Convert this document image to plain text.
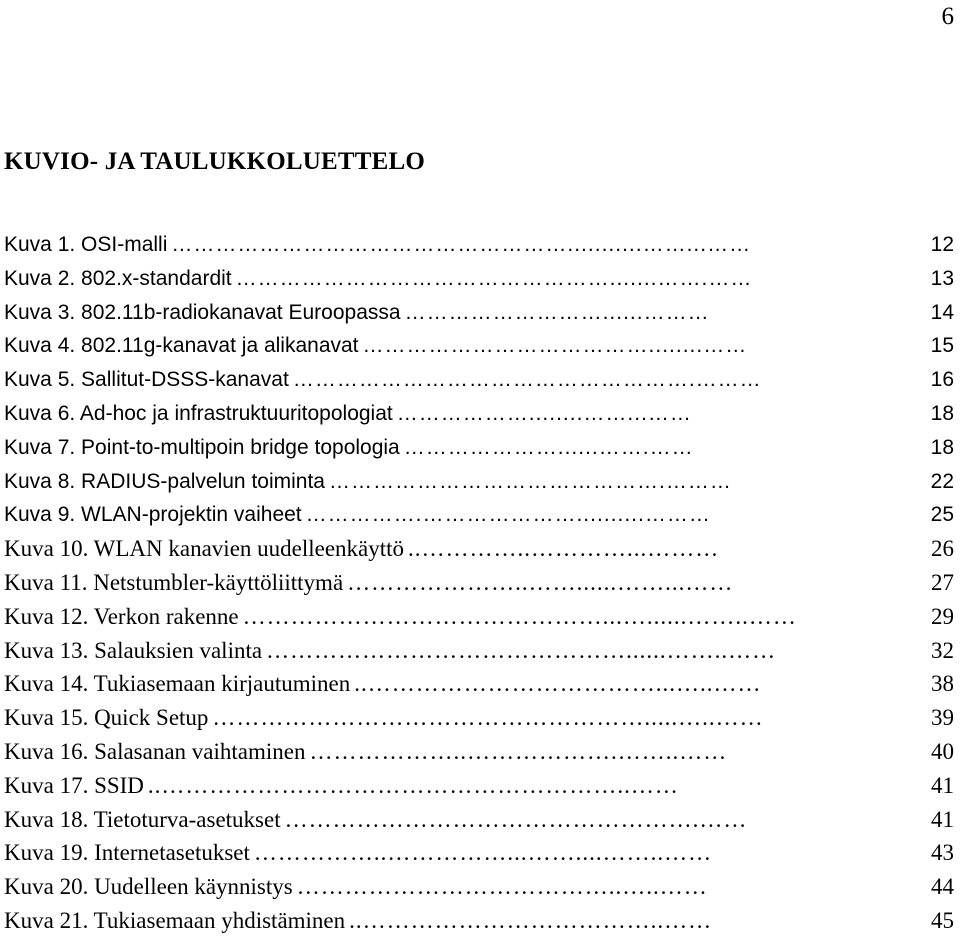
6
KUVIO- JA TAULUKKOLUETTELO
Kuva 1. OSI-malli ………………………………………………...........……...……	12
Kuva 2. 802.x-standardit …………………………………………….......…….……	13
Kuva 3. 802.11b-radiokanavat Euroopassa ………………………......………	14
Kuva 4. 802.11g-kanavat ja alikanavat …………………………………........……	15
Kuva 5. Sallitut-DSSS-kanavat ……………………………………………….………	16
Kuva 6. Ad-hoc ja infrastruktuuritopologiat ………………........……...……	18
Kuva 7. Point-to-multipoin bridge topologia …………………......…….……	18
Kuva 8. RADIUS-palvelun toiminta ……………………………………….………	22
Kuva 9. WLAN-projektin vaiheet …………….…………………..........………	25
Kuva 10. WLAN kanavien uudelleenkäyttö ..…………..…………...………	26
Kuva 11. Netstumbler-käyttöliittymä …………………..……......……...……	27
Kuva 12. Verkon rakenne ………………………………………...…......……..……	29
Kuva 13. Salauksien valinta ………………………………………......……..……	32
Kuva 14. Tukiasemaan kirjautuminen ..………………………………...…..……	38
Kuva 15. Quick Setup ……………………………………………….....…..……	39
Kuva 16. Salasanan vaihtaminen ………………..……………….……..……	40
Kuva 17. SSID ..…………………………………………………..……	41
Kuva 18. Tietoturva-asetukset …………………………………………….……	41
Kuva 19. Internetasetukset ……………..……………...……....……..……	43
Kuva 20. Uudelleen käynnistys …………………………………..…..……	44
Kuva 21. Tukiasemaan yhdistäminen ..………………………………..……	45
